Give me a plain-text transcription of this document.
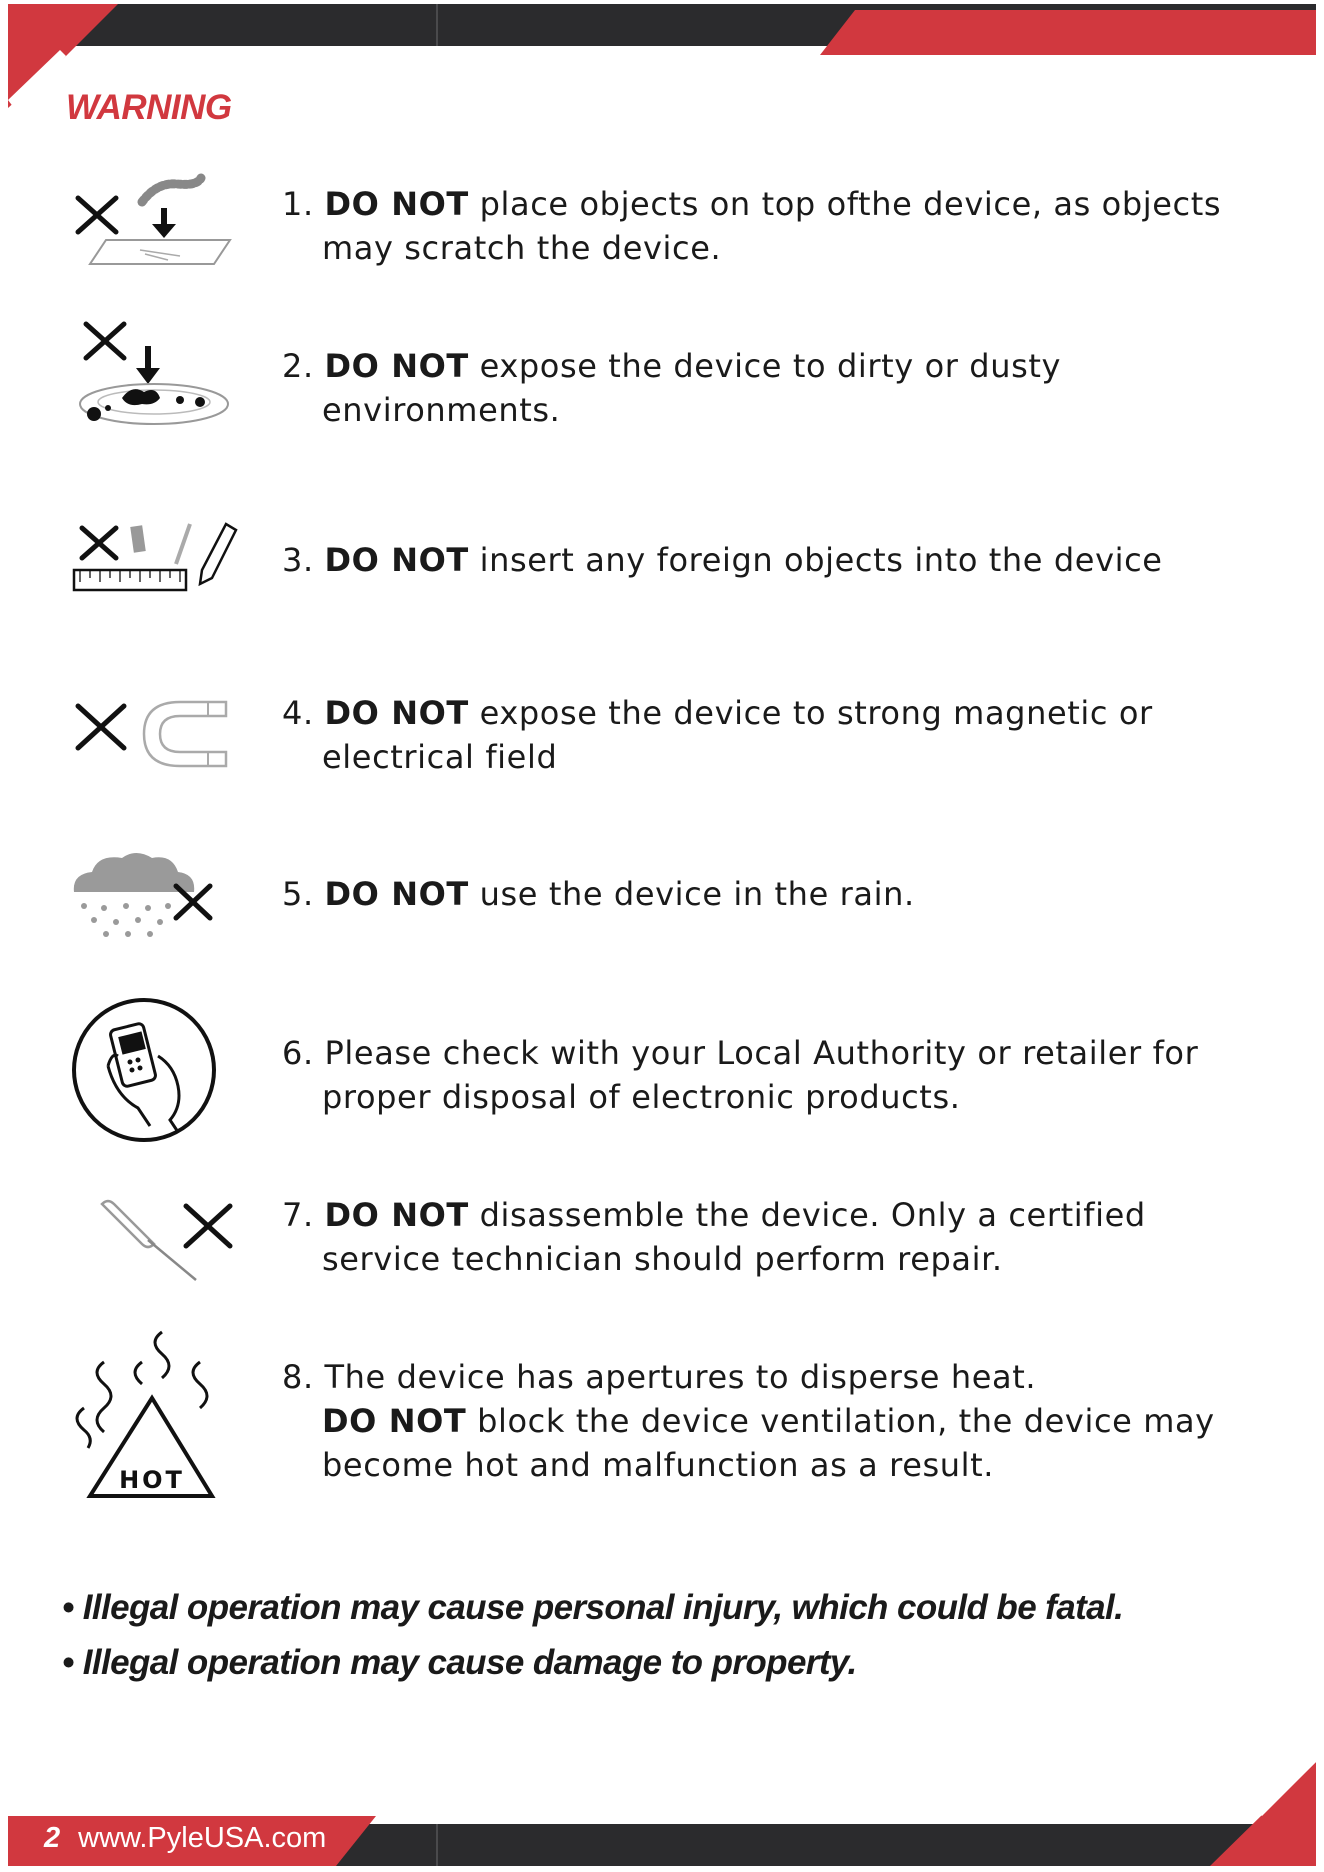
WARNING
HOT
1. DO NOT place objects on top ofthe device, as objects
may scratch the device.
2. DO NOT expose the device to dirty or dusty
environments.
3. DO NOT insert any foreign objects into the device
4. DO NOT expose the device to strong magnetic or
electrical field
5. DO NOT use the device in the rain.
6. Please check with your Local Authority or retailer for
proper disposal of electronic products.
7. DO NOT disassemble the device. Only a certified
service technician should perform repair.
8. The device has apertures to disperse heat.
DO NOT block the device ventilation, the device may
become hot and malfunction as a result.
• Illegal operation may cause personal injury, which could be fatal.
• Illegal operation may cause damage to property.
2 www.PyleUSA.com
